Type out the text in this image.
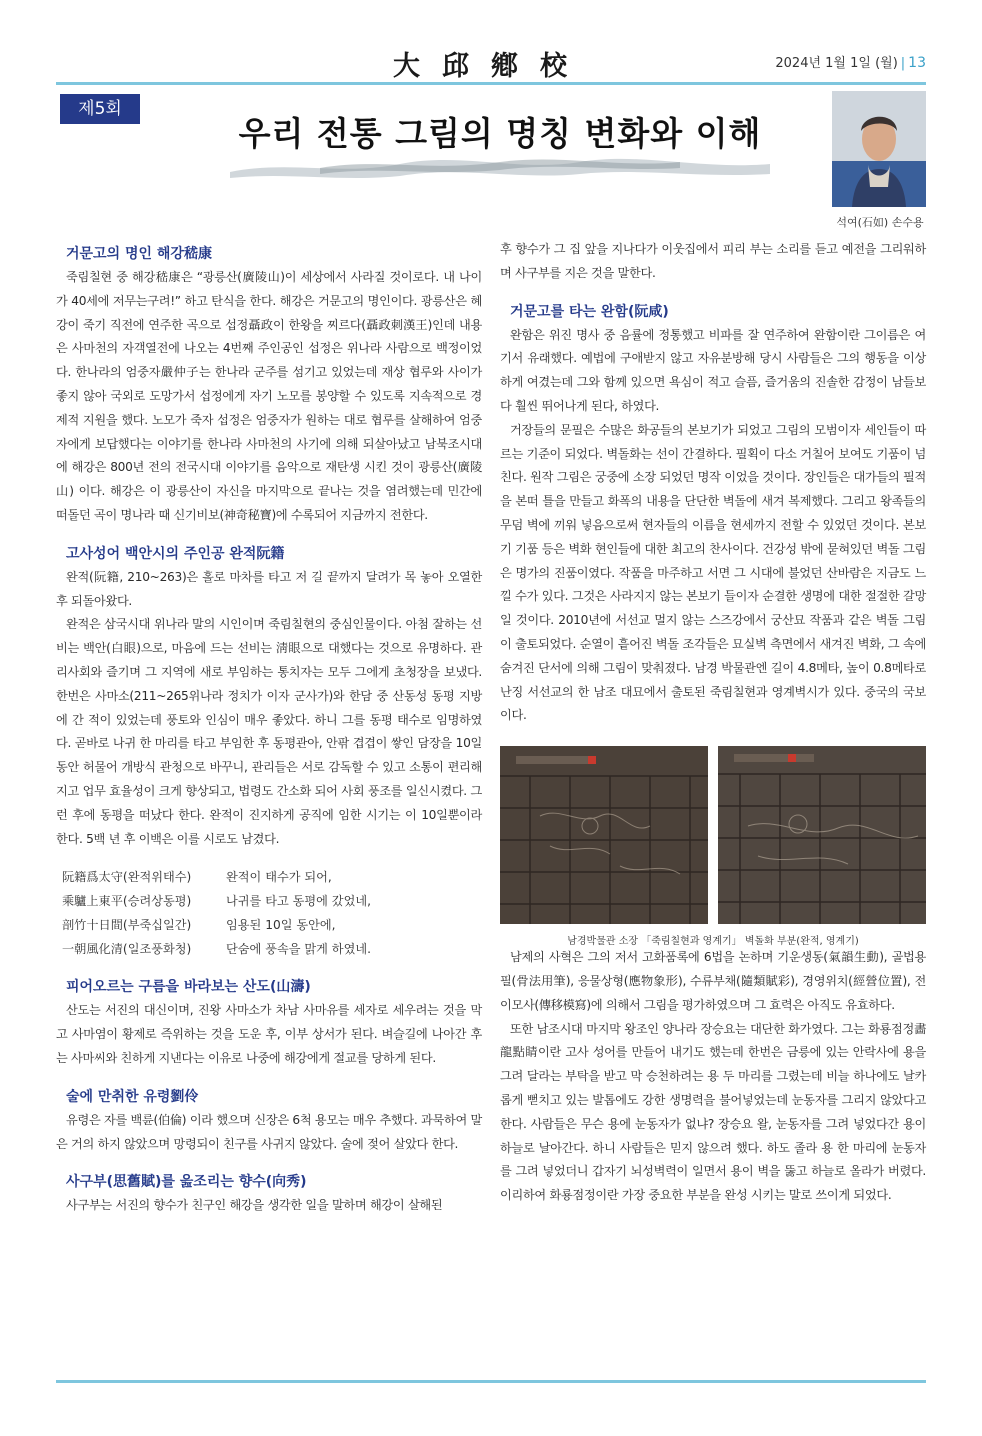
大邱鄕校	2024년 1월 1일 (월) | 13
제5회
우리 전통 그림의 명칭 변화와 이해
석여(石如) 손수용
거문고의 명인 해강嵇康

죽림칠현 중 해강嵇康은 “광릉산(廣陵山)이 세상에서 사라질 것이로다. 내 나이가 40세에 저무는구려!” 하고 탄식을 한다. 해강은 거문고의 명인이다. 광릉산은 혜강이 죽기 직전에 연주한 곡으로 섭정聶政이 한왕을 찌르다(聶政刺漢王)인데 내용은 사마천의 자객열전에 나오는 4번째 주인공인 섭정은 위나라 사람으로 백정이었다. 한나라의 엄중자嚴仲子는 한나라 군주를 섬기고 있었는데 재상 협루와 사이가 좋지 않아 국외로 도망가서 섭정에게 자기 노모를 봉양할 수 있도록 지속적으로 경제적 지원을 했다. 노모가 죽자 섭정은 엄중자가 원하는 대로 협루를 살해하여 엄중자에게 보답했다는 이야기를 한나라 사마천의 사기에 의해 되살아났고 남북조시대에 해강은 800년 전의 전국시대 이야기를 음악으로 재탄생 시킨 것이 광릉산(廣陵山) 이다. 해강은 이 광릉산이 자신을 마지막으로 끝나는 것을 염려했는데 민간에 떠돌던 곡이 명나라 때 신기비보(神奇秘寶)에 수록되어 지금까지 전한다.

고사성어 백안시의 주인공 완적阮籍

완적(阮籍, 210~263)은 홀로 마차를 타고 저 길 끝까지 달려가 목 놓아 오열한 후 되돌아왔다.

완적은 삼국시대 위나라 말의 시인이며 죽림칠현의 중심인물이다. 아첨 잘하는 선비는 백안(白眼)으로, 마음에 드는 선비는 淸眼으로 대했다는 것으로 유명하다. 관리사회와 즐기며 그 지역에 새로 부임하는 통치자는 모두 그에게 초청장을 보냈다. 한번은 사마소(211~265위나라 정치가 이자 군사가)와 한담 중 산동성 동평 지방에 간 적이 있었는데 풍토와 인심이 매우 좋았다. 하니 그를 동평 태수로 임명하였다. 곧바로 나귀 한 마리를 타고 부임한 후 동평관아, 안팎 겹겹이 쌓인 담장을 10일 동안 허물어 개방식 관청으로 바꾸니, 관리들은 서로 감독할 수 있고 소통이 편리해지고 업무 효율성이 크게 향상되고, 법령도 간소화 되어 사회 풍조를 일신시켰다. 그런 후에 동평을 떠났다 한다. 완적이 진지하게 공직에 임한 시기는 이 10일뿐이라 한다. 5백 년 후 이백은 이를 시로도 남겼다.

阮籍爲太守(완적위태수)	완적이 태수가 되어,
乘驢上東平(승려상동평)	나귀를 타고 동평에 갔었네,
剖竹十日間(부죽십일간)	임용된 10일 동안에,
一朝風化清(일조풍화청)	단숨에 풍속을 맑게 하였네.
피어오르는 구름을 바라보는 산도(山濤)

산도는 서진의 대신이며, 진왕 사마소가 차남 사마유를 세자로 세우려는 것을 막고 사마염이 황제로 즉위하는 것을 도운 후, 이부 상서가 된다. 벼슬길에 나아간 후는 사마씨와 친하게 지낸다는 이유로 나중에 해강에게 절교를 당하게 된다.

술에 만취한 유령劉伶

유령은 자를 백륜(伯倫) 이라 했으며 신장은 6척 용모는 매우 추했다. 과묵하여 말은 거의 하지 않았으며 망령되이 친구를 사귀지 않았다. 술에 젖어 살았다 한다.

사구부(思舊賦)를 읊조리는 향수(向秀)

사구부는 서진의 향수가 친구인 해강을 생각한 일을 말하며 해강이 살해된

후 향수가 그 집 앞을 지나다가 이웃집에서 피리 부는 소리를 듣고 예전을 그리워하며 사구부를 지은 것을 말한다.

거문고를 타는 완함(阮咸)

완함은 위진 명사 중 음률에 정통했고 비파를 잘 연주하여 완함이란 그이름은 여기서 유래했다. 예법에 구애받지 않고 자유분방해 당시 사람들은 그의 행동을 이상하게 여겼는데 그와 함께 있으면 욕심이 적고 슬픔, 즐거움의 진솔한 감정이 남들보다 훨씬 뛰어나게 된다, 하였다.

거장들의 문필은 수많은 화공들의 본보기가 되었고 그림의 모범이자 세인들이 따르는 기준이 되었다. 벽돌화는 선이 간결하다. 필획이 다소 거칠어 보여도 기품이 넘친다. 원작 그림은 궁중에 소장 되었던 명작 이었을 것이다. 장인들은 대가들의 필적을 본떠 틀을 만들고 화폭의 내용을 단단한 벽돌에 새겨 복제했다. 그리고 왕족들의 무덤 벽에 끼워 넣음으로써 현자들의 이름을 현세까지 전할 수 있었던 것이다. 본보기 기품 등은 벽화 현인들에 대한 최고의 찬사이다. 건강성 밖에 묻혀있던 벽돌 그림은 명가의 진품이였다. 작품을 마주하고 서면 그 시대에 불었던 산바람은 지금도 느낄 수가 있다. 그것은 사라지지 않는 본보기 들이자 순결한 생명에 대한 절절한 갈망일 것이다. 2010년에 서선교 멀지 않는 스즈강에서 궁산묘 작품과 같은 벽돌 그림이 출토되었다. 순열이 흩어진 벽돌 조각들은 묘실벽 측면에서 새겨진 벽화, 그 속에 숨겨진 단서에 의해 그림이 맞춰졌다. 남경 박물관엔 길이 4.8메타, 높이 0.8메타로 난징 서선교의 한 남조 대묘에서 출토된 죽림칠현과 영계벽시가 있다. 중국의 국보이다.

남경박물관 소장 「죽림칠현과 영계기」 벽돌화 부분(완적, 영계기)

남제의 사혁은 그의 저서 고화품록에 6법을 논하며 기운생동(氣韻生動), 골법용필(骨法用筆), 응물상형(應物象形), 수류부채(隨類賦彩), 경영위치(經營位置), 전이모사(傳移模寫)에 의해서 그림을 평가하였으며 그 효력은 아직도 유효하다.

또한 남조시대 마지막 왕조인 양나라 장승요는 대단한 화가였다. 그는 화룡점정畵龍點睛이란 고사 성어를 만들어 내기도 했는데 한번은 금릉에 있는 안락사에 용을 그려 달라는 부탁을 받고 막 승천하려는 용 두 마리를 그렸는데 비늘 하나에도 날카롭게 뻗치고 있는 발톱에도 강한 생명력을 불어넣었는데 눈동자를 그리지 않았다고 한다. 사람들은 무슨 용에 눈동자가 없냐? 장승요 왈, 눈동자를 그려 넣었다간 용이 하늘로 날아간다. 하니 사람들은 믿지 않으려 했다. 하도 졸라 용 한 마리에 눈동자를 그려 넣었더니 갑자기 뇌성벽력이 일면서 용이 벽을 뚫고 하늘로 올라가 버렸다. 이리하여 화룡점정이란 가장 중요한 부분을 완성 시키는 말로 쓰이게 되었다.
